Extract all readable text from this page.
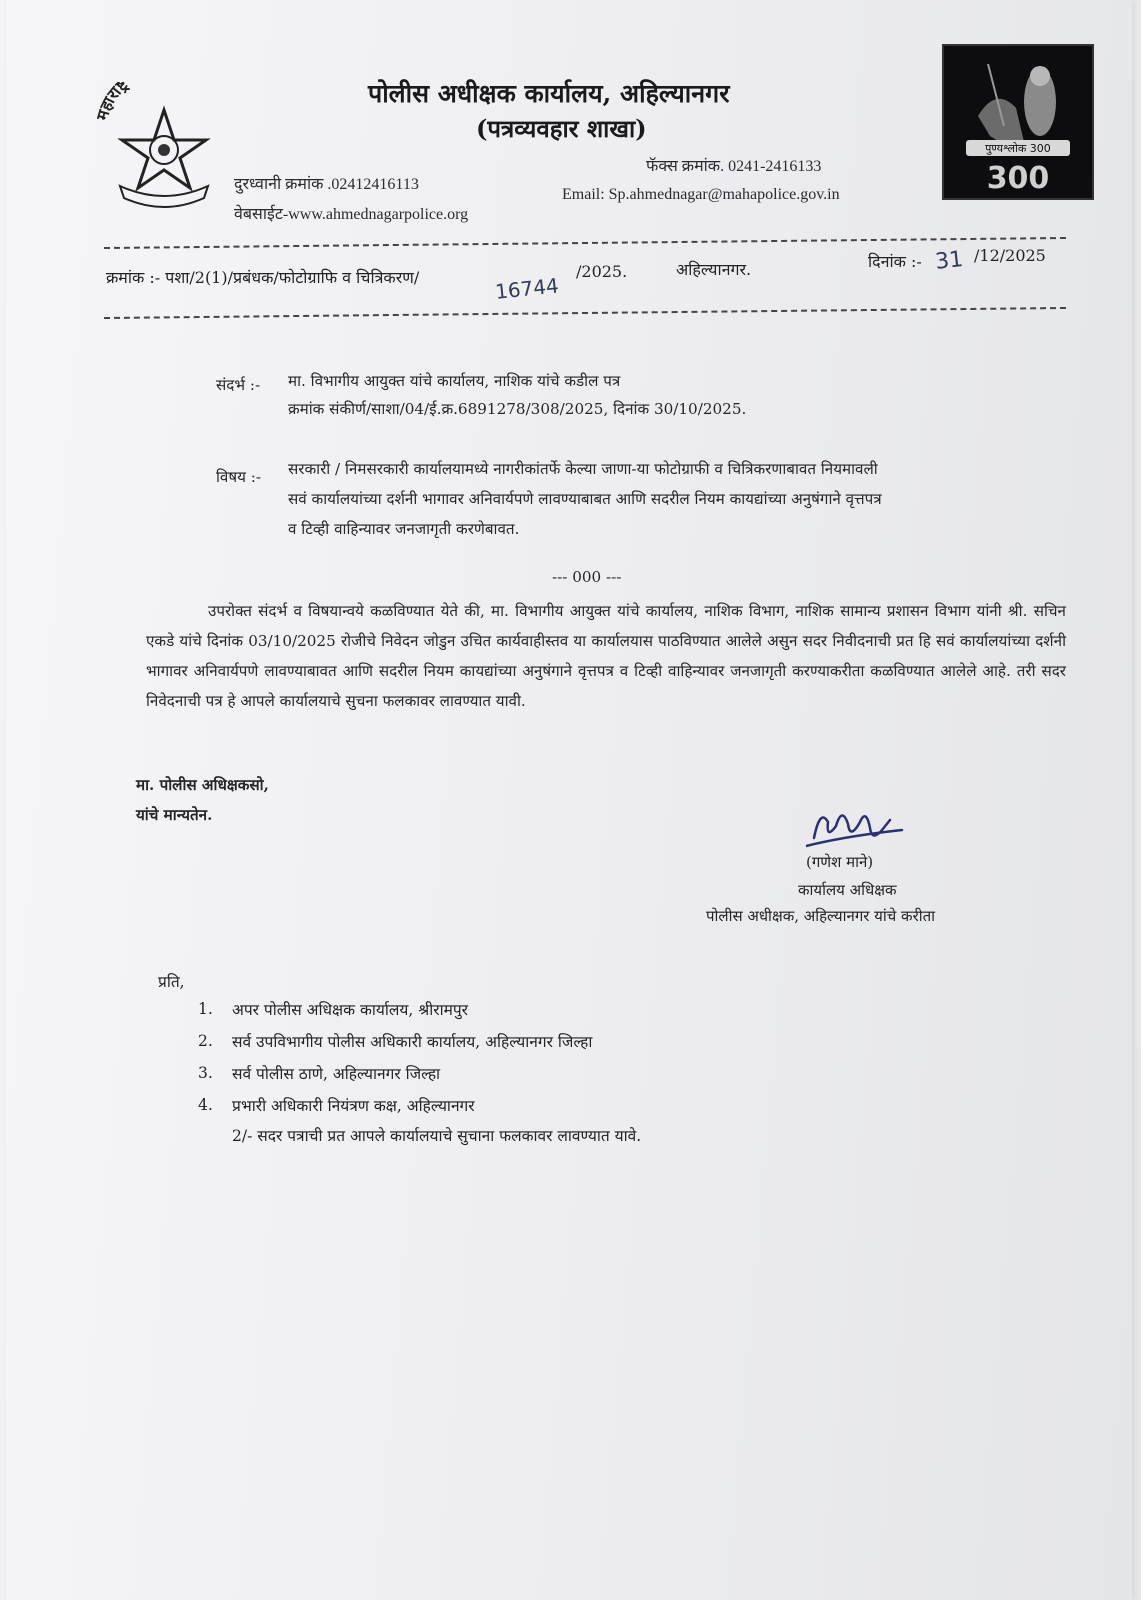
महाराष्ट्र	पोलीस अधीक्षक कार्यालय, अहिल्यानगर
(पत्रव्यवहार शाखा)
दुरध्वानी क्रमांक .02412416113
वेबसाईट-www.ahmednagarpolice.org
फॅक्स क्रमांक. 0241-2416133
Email: Sp.ahmednagar@mahapolice.gov.in
पुण्यश्लोक 300
300
क्रमांक :- पशा/2(1)/प्रबंधक/फोटोग्राफि व चित्रिकरण/	16744
/2025.	अहिल्यानगर.	दिनांक :- 31 /12/2025
संदर्भ :- मा. विभागीय आयुक्त यांचे कार्यालय, नाशिक यांचे कडील पत्र
क्रमांक संकीर्ण/साशा/04/ई.क्र.6891278/308/2025, दिनांक 30/10/2025.
विषय :- सरकारी / निमसरकारी कार्यालयामध्ये नागरीकांतर्फे केल्या जाणा-या फोटोग्राफी व चित्रिकरणाबावत नियमावली
सवं कार्यालयांच्या दर्शनी भागावर अनिवार्यपणे लावण्याबाबत आणि सदरील नियम कायद्यांच्या अनुषंगाने वृत्तपत्र
व टिव्ही वाहिन्यावर जनजागृती करणेबावत.
--- 000 ---

उपरोक्त संदर्भ व विषयान्वये कळविण्यात येते की, मा. विभागीय आयुक्त यांचे कार्यालय, नाशिक विभाग, नाशिक सामान्य प्रशासन विभाग यांनी श्री. सचिन एकडे यांचे दिनांक 03/10/2025 रोजीचे निवेदन जोडुन उचित कार्यवाहीस्तव या कार्यालयास पाठविण्यात आलेले असुन सदर निवीदनाची प्रत हि सवं कार्यालयांच्या दर्शनी भागावर अनिवार्यपणे लावण्याबावत आणि सदरील नियम कायद्यांच्या अनुषंगाने वृत्तपत्र व टिव्ही वाहिन्यावर जनजागृती करण्याकरीता कळविण्यात आलेले आहे. तरी सदर निवेदनाची पत्र हे आपले कार्यालयाचे सुचना फलकावर लावण्यात यावी.

मा. पोलीस अधिक्षकसो,
यांचे मान्यतेन.
(गणेश माने)
कार्यालय अधिक्षक
पोलीस अधीक्षक, अहिल्यानगर यांचे करीता
प्रति,
1. अपर पोलीस अधिक्षक कार्यालय, श्रीरामपुर
2. सर्व उपविभागीय पोलीस अधिकारी कार्यालय, अहिल्यानगर जिल्हा
3. सर्व पोलीस ठाणे, अहिल्यानगर जिल्हा
4. प्रभारी अधिकारी नियंत्रण कक्ष, अहिल्यानगर
2/- सदर पत्राची प्रत आपले कार्यालयाचे सुचाना फलकावर लावण्यात यावे.
